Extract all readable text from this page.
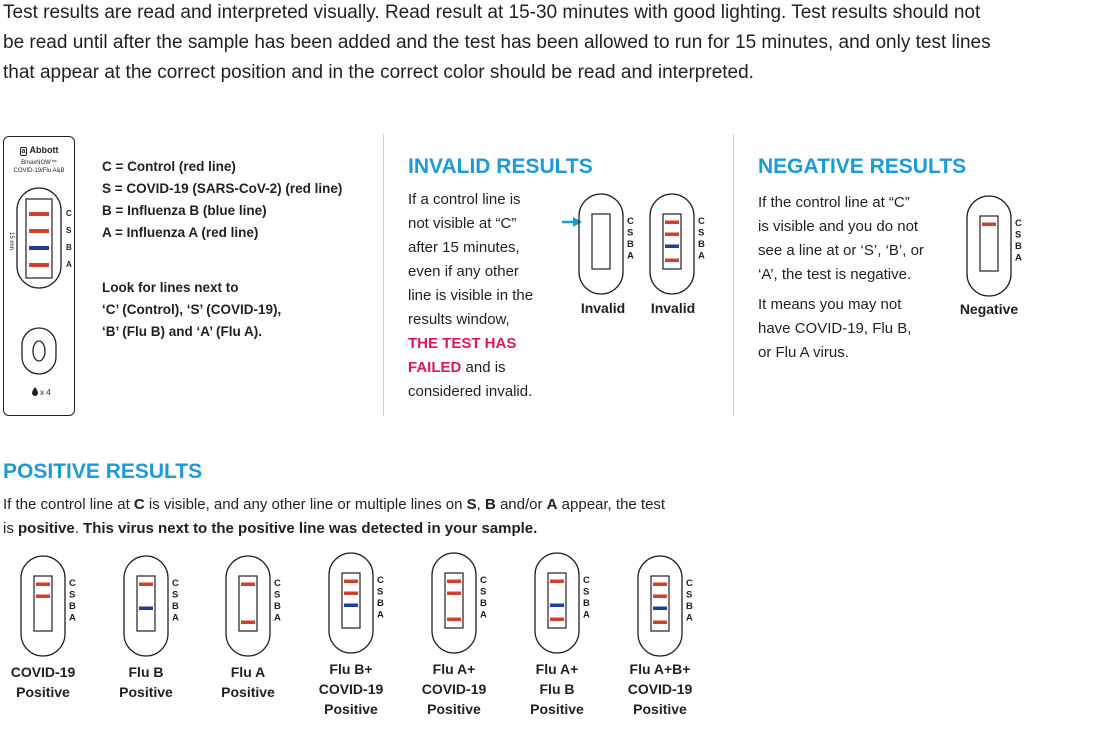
Test results are read and interpreted visually. Read result at 15-30 minutes with good lighting. Test results should not

be read until after the sample has been added and the test has been allowed to run for 15 minutes, and only test lines

that appear at the correct position and in the correct color should be read and interpreted.

a Abbott
BinaxNOW™
COVID-19/Flu A&B
C
S
B
A
15 min
x 4

C = Control (red line)

S = COVID-19 (SARS-CoV-2) (red line)

B = Influenza B (blue line)

A = Influenza A (red line)

Look for lines next to

‘C’ (Control), ‘S’ (COVID-19),

‘B’ (Flu B) and ‘A’ (Flu A).

INVALID RESULTS

If a control line is

not visible at “C”

after 15 minutes,

even if any other

line is visible in the

results window,

THE TEST HAS

FAILED and is

considered invalid.

Invalid	Invalid

NEGATIVE RESULTS

If the control line at “C”

is visible and you do not

see a line at or ‘S’, ‘B’, or

‘A’, the test is negative.

It means you may not

have COVID-19, Flu B,

or Flu A virus.

Negative

POSITIVE RESULTS

If the control line at C is visible, and any other line or multiple lines on S, B and/or A appear, the test

is positive. This virus next to the positive line was detected in your sample.

COVID-19

Positive

Flu B

Positive

Flu A

Positive

Flu B+

COVID-19

Positive

Flu A+

COVID-19

Positive

Flu A+

Flu B

Positive

Flu A+B+

COVID-19

Positive

C
S
B
A
C
S
B
A
C
S
B
A
C
S
B
A
C
S
B
A
C
S
B
A
C
S
B
A
C
S
B
A
C
S
B
A
C
S
B
A
